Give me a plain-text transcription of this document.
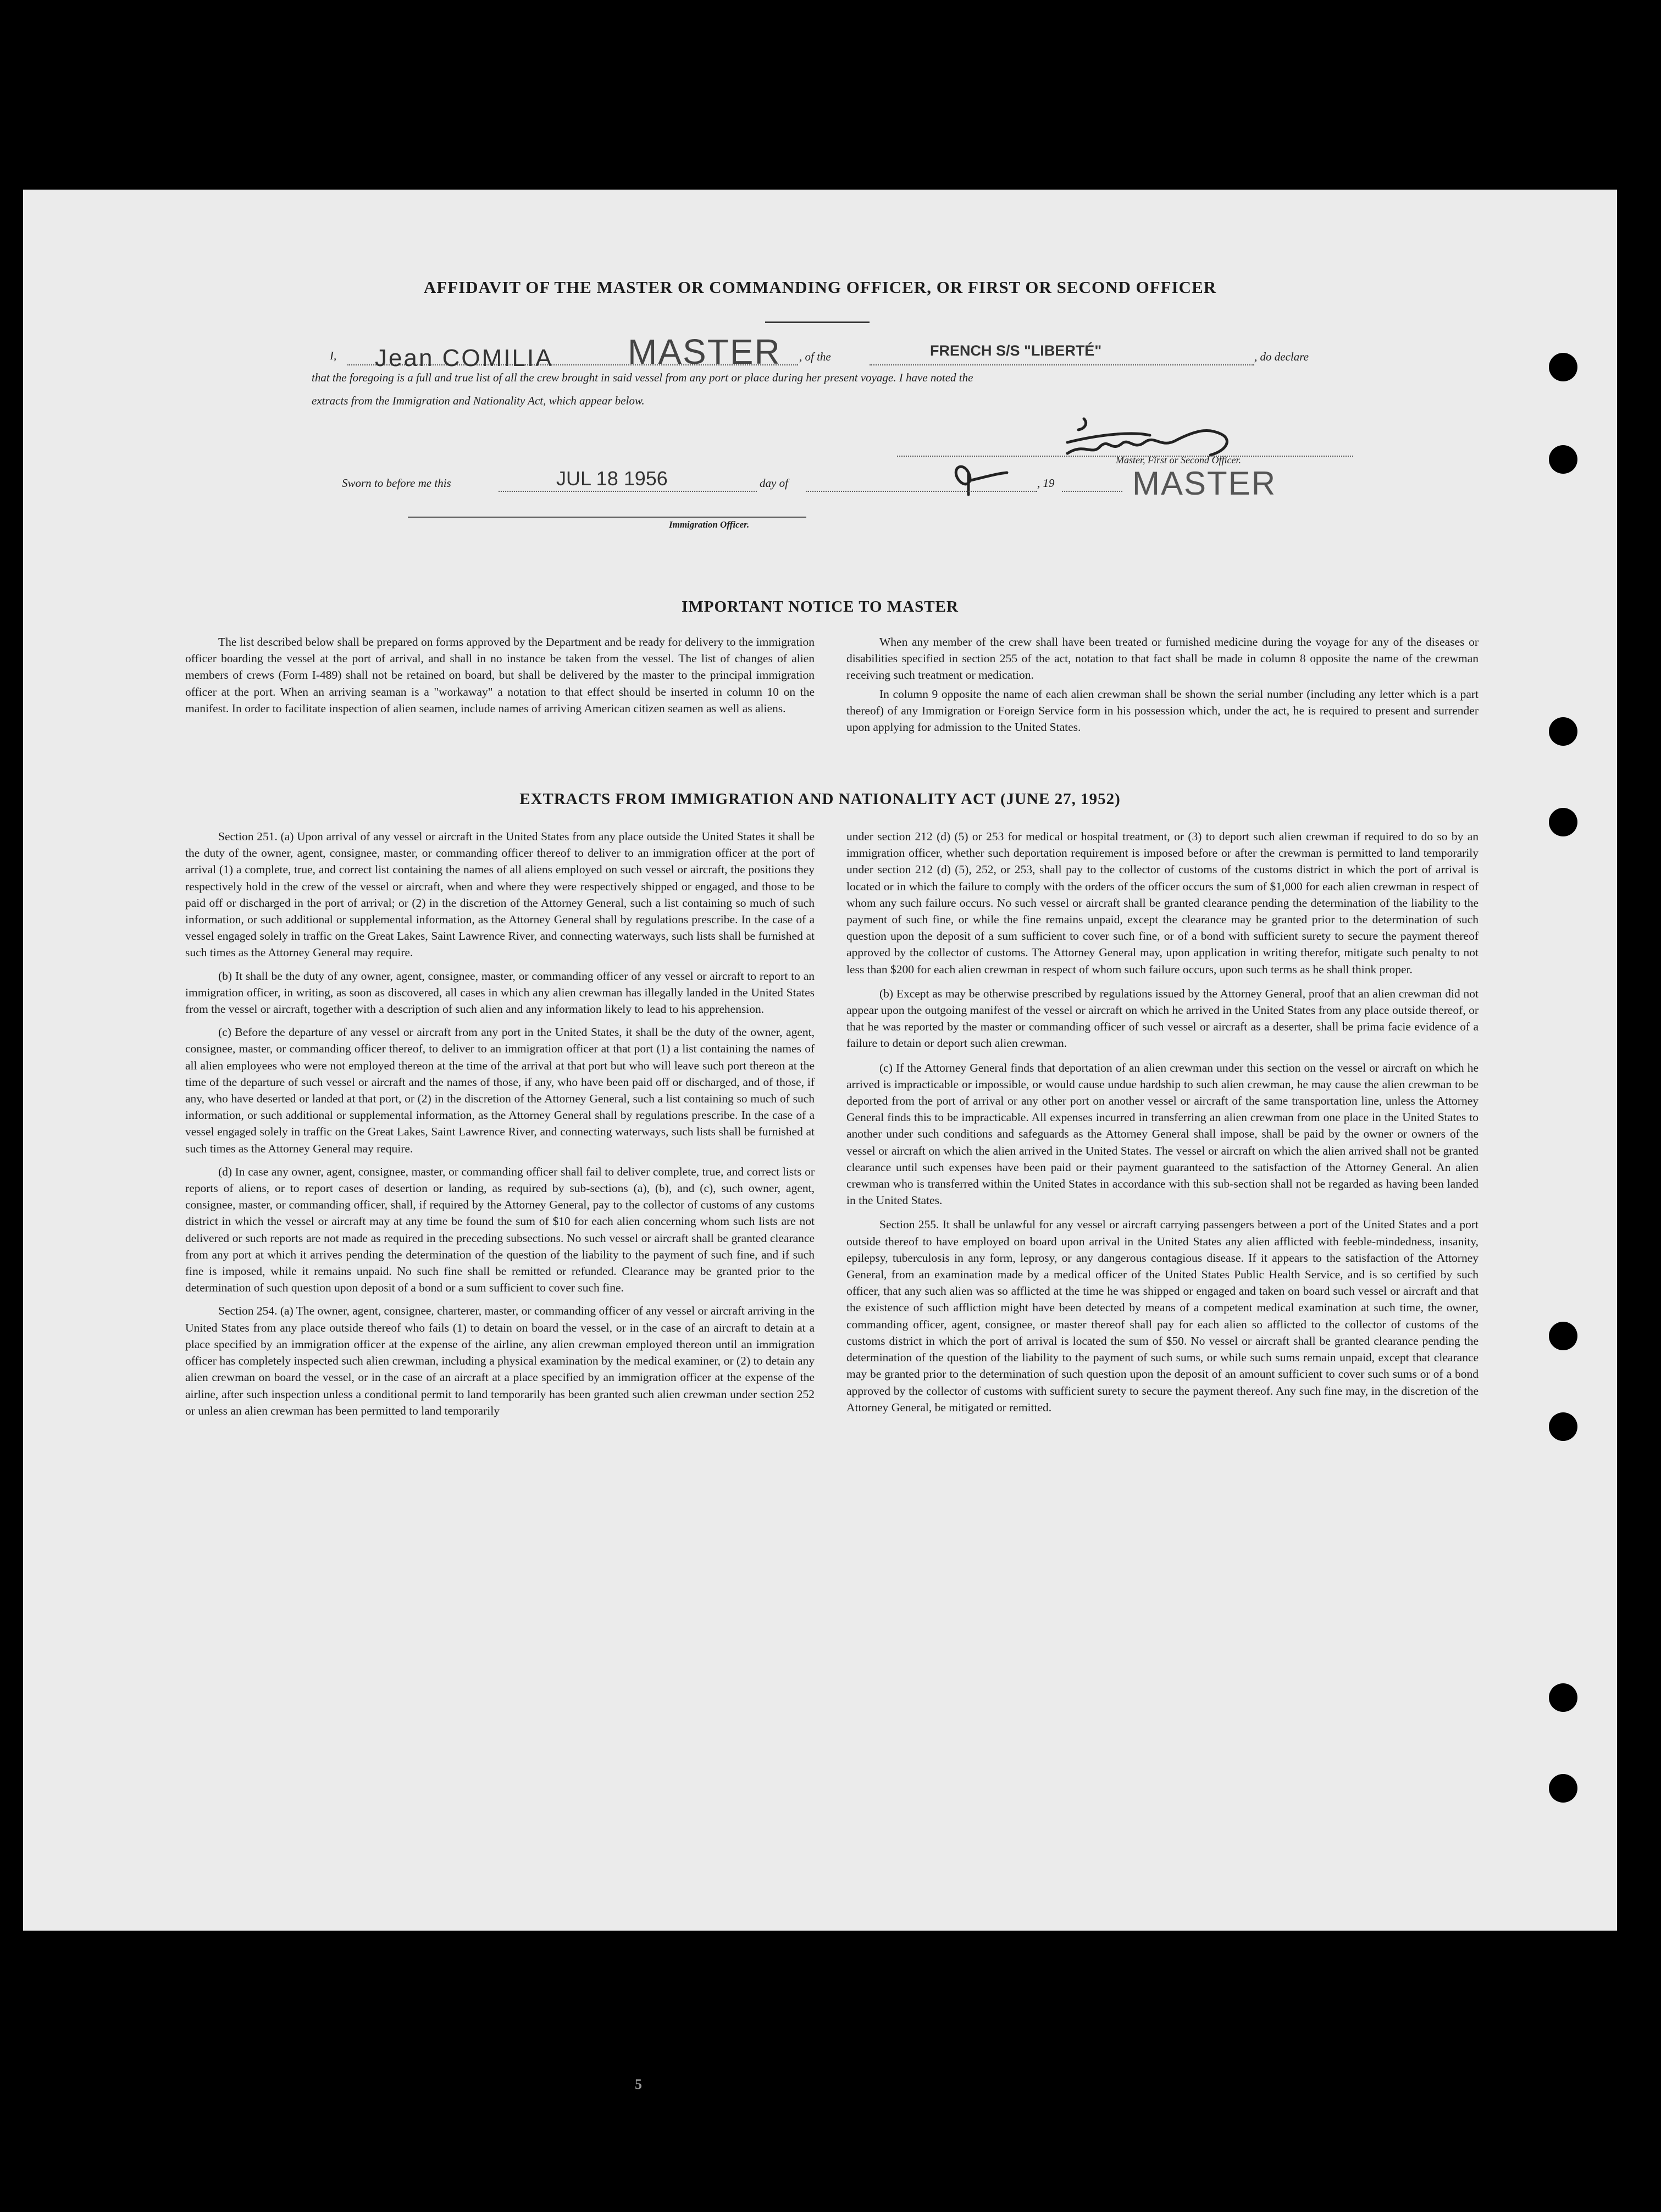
AFFIDAVIT OF THE MASTER OR COMMANDING OFFICER, OR FIRST OR SECOND OFFICER
I, Jean COMILIA MASTER , of the	FRENCH S/S "LIBERTÉ"	, do declare
that the foregoing is a full and true list of all the crew brought in said vessel from any port or place during her present voyage. I have noted the
extracts from the Immigration and Nationality Act, which appear below.
Master, First or Second Officer.
MASTER
Sworn to before me this	JUL 18 1956	day of	, 19
Immigration Officer.
IMPORTANT NOTICE TO MASTER

The list described below shall be prepared on forms approved by the Department and be ready for delivery to the immigration officer boarding the vessel at the port of arrival, and shall in no instance be taken from the vessel. The list of changes of alien members of crews (Form I-489) shall not be retained on board, but shall be delivered by the master to the principal immigration officer at the port. When an arriving seaman is a "workaway" a notation to that effect should be inserted in column 10 on the manifest. In order to facilitate inspection of alien seamen, include names of arriving American citizen seamen as well as aliens.

When any member of the crew shall have been treated or furnished medicine during the voyage for any of the diseases or disabilities specified in section 255 of the act, notation to that fact shall be made in column 8 opposite the name of the crewman receiving such treatment or medication.

In column 9 opposite the name of each alien crewman shall be shown the serial number (including any letter which is a part thereof) of any Immigration or Foreign Service form in his possession which, under the act, he is required to present and surrender upon applying for admission to the United States.

EXTRACTS FROM IMMIGRATION AND NATIONALITY ACT (JUNE 27, 1952)

Section 251. (a) Upon arrival of any vessel or aircraft in the United States from any place outside the United States it shall be the duty of the owner, agent, consignee, master, or commanding officer thereof to deliver to an immigration officer at the port of arrival (1) a complete, true, and correct list containing the names of all aliens employed on such vessel or aircraft, the positions they respectively hold in the crew of the vessel or aircraft, when and where they were respectively shipped or engaged, and those to be paid off or discharged in the port of arrival; or (2) in the discretion of the Attorney General, such a list containing so much of such information, or such additional or supplemental information, as the Attorney General shall by regulations prescribe. In the case of a vessel engaged solely in traffic on the Great Lakes, Saint Lawrence River, and connecting waterways, such lists shall be furnished at such times as the Attorney General may require.

(b) It shall be the duty of any owner, agent, consignee, master, or commanding officer of any vessel or aircraft to report to an immigration officer, in writing, as soon as discovered, all cases in which any alien crewman has illegally landed in the United States from the vessel or aircraft, together with a description of such alien and any information likely to lead to his apprehension.

(c) Before the departure of any vessel or aircraft from any port in the United States, it shall be the duty of the owner, agent, consignee, master, or commanding officer thereof, to deliver to an immigration officer at that port (1) a list containing the names of all alien employees who were not employed thereon at the time of the arrival at that port but who will leave such port thereon at the time of the departure of such vessel or aircraft and the names of those, if any, who have been paid off or discharged, and of those, if any, who have deserted or landed at that port, or (2) in the discretion of the Attorney General, such a list containing so much of such information, or such additional or supplemental information, as the Attorney General shall by regulations prescribe. In the case of a vessel engaged solely in traffic on the Great Lakes, Saint Lawrence River, and connecting waterways, such lists shall be furnished at such times as the Attorney General may require.

(d) In case any owner, agent, consignee, master, or commanding officer shall fail to deliver complete, true, and correct lists or reports of aliens, or to report cases of desertion or landing, as required by sub-sections (a), (b), and (c), such owner, agent, consignee, master, or commanding officer, shall, if required by the Attorney General, pay to the collector of customs of any customs district in which the vessel or aircraft may at any time be found the sum of $10 for each alien concerning whom such lists are not delivered or such reports are not made as required in the preceding subsections. No such vessel or aircraft shall be granted clearance from any port at which it arrives pending the determination of the question of the liability to the payment of such fine, and if such fine is imposed, while it remains unpaid. No such fine shall be remitted or refunded. Clearance may be granted prior to the determination of such question upon deposit of a bond or a sum sufficient to cover such fine.

Section 254. (a) The owner, agent, consignee, charterer, master, or commanding officer of any vessel or aircraft arriving in the United States from any place outside thereof who fails (1) to detain on board the vessel, or in the case of an aircraft to detain at a place specified by an immigration officer at the expense of the airline, any alien crewman employed thereon until an immigration officer has completely inspected such alien crewman, including a physical examination by the medical examiner, or (2) to detain any alien crewman on board the vessel, or in the case of an aircraft at a place specified by an immigration officer at the expense of the airline, after such inspection unless a conditional permit to land temporarily has been granted such alien crewman under section 252 or unless an alien crewman has been permitted to land temporarily

under section 212 (d) (5) or 253 for medical or hospital treatment, or (3) to deport such alien crewman if required to do so by an immigration officer, whether such deportation requirement is imposed before or after the crewman is permitted to land temporarily under section 212 (d) (5), 252, or 253, shall pay to the collector of customs of the customs district in which the port of arrival is located or in which the failure to comply with the orders of the officer occurs the sum of $1,000 for each alien crewman in respect of whom any such failure occurs. No such vessel or aircraft shall be granted clearance pending the determination of the liability to the payment of such fine, or while the fine remains unpaid, except the clearance may be granted prior to the determination of such question upon the deposit of a sum sufficient to cover such fine, or of a bond with sufficient surety to secure the payment thereof approved by the collector of customs. The Attorney General may, upon application in writing therefor, mitigate such penalty to not less than $200 for each alien crewman in respect of whom such failure occurs, upon such terms as he shall think proper.

(b) Except as may be otherwise prescribed by regulations issued by the Attorney General, proof that an alien crewman did not appear upon the outgoing manifest of the vessel or aircraft on which he arrived in the United States from any place outside thereof, or that he was reported by the master or commanding officer of such vessel or aircraft as a deserter, shall be prima facie evidence of a failure to detain or deport such alien crewman.

(c) If the Attorney General finds that deportation of an alien crewman under this section on the vessel or aircraft on which he arrived is impracticable or impossible, or would cause undue hardship to such alien crewman, he may cause the alien crewman to be deported from the port of arrival or any other port on another vessel or aircraft of the same transportation line, unless the Attorney General finds this to be impracticable. All expenses incurred in transferring an alien crewman from one place in the United States to another under such conditions and safeguards as the Attorney General shall impose, shall be paid by the owner or owners of the vessel or aircraft on which the alien arrived in the United States. The vessel or aircraft on which the alien arrived shall not be granted clearance until such expenses have been paid or their payment guaranteed to the satisfaction of the Attorney General. An alien crewman who is transferred within the United States in accordance with this sub-section shall not be regarded as having been landed in the United States.

Section 255. It shall be unlawful for any vessel or aircraft carrying passengers between a port of the United States and a port outside thereof to have employed on board upon arrival in the United States any alien afflicted with feeble-mindedness, insanity, epilepsy, tuberculosis in any form, leprosy, or any dangerous contagious disease. If it appears to the satisfaction of the Attorney General, from an examination made by a medical officer of the United States Public Health Service, and is so certified by such officer, that any such alien was so afflicted at the time he was shipped or engaged and taken on board such vessel or aircraft and that the existence of such affliction might have been detected by means of a competent medical examination at such time, the owner, commanding officer, agent, consignee, or master thereof shall pay for each alien so afflicted to the collector of customs of the customs district in which the port of arrival is located the sum of $50. No vessel or aircraft shall be granted clearance pending the determination of the question of the liability to the payment of such sums, or while such sums remain unpaid, except that clearance may be granted prior to the determination of such question upon the deposit of an amount sufficient to cover such sums or of a bond approved by the collector of customs with sufficient surety to secure the payment thereof. Any such fine may, in the discretion of the Attorney General, be mitigated or remitted.

5
